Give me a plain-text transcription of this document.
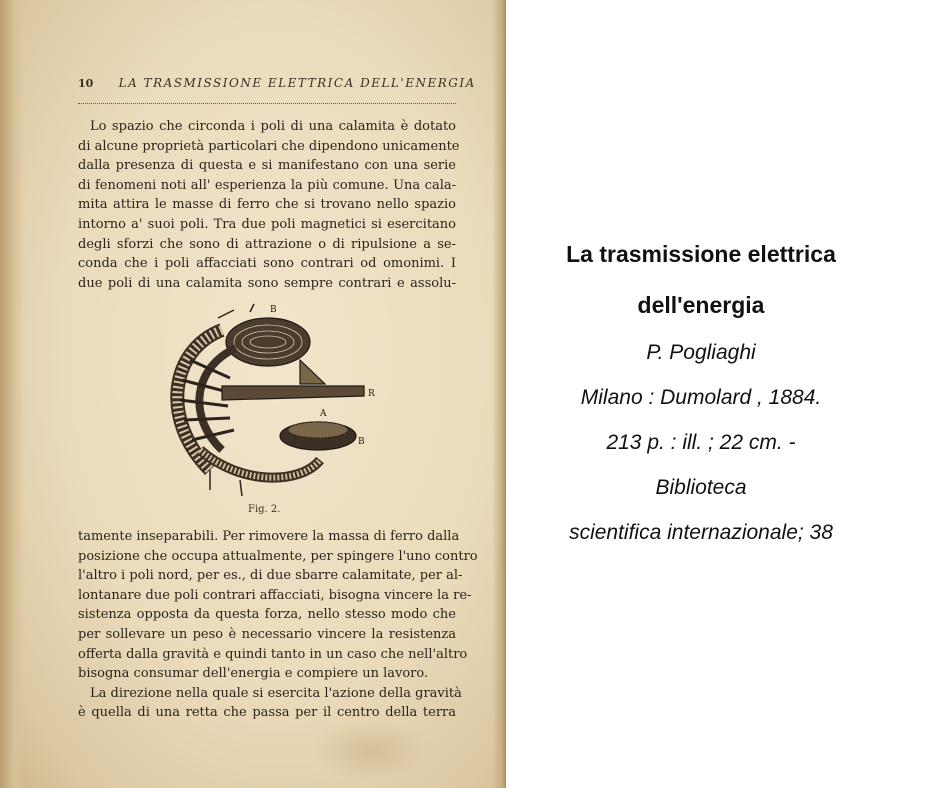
10 LA TRASMISSIONE ELETTRICA DELL'ENERGIA
Lo spazio che circonda i poli di una calamita è dotato
di alcune proprietà particolari che dipendono unicamente
dalla presenza di questa e si manifestano con una serie
di fenomeni noti all' esperienza la più comune. Una cala-
mita attira le masse di ferro che si trovano nello spazio
intorno a' suoi poli. Tra due poli magnetici si esercitano
degli sforzi che sono di attrazione o di ripulsione a se-
conda che i poli affacciati sono contrari od omonimi. I
due poli di una calamita sono sempre contrari e assolu-
B
R
A
B
Fig. 2.
tamente inseparabili. Per rimovere la massa di ferro dalla
posizione che occupa attualmente, per spingere l'uno contro
l'altro i poli nord, per es., di due sbarre calamitate, per al-
lontanare due poli contrari affacciati, bisogna vincere la re-
sistenza opposta da questa forza, nello stesso modo che
per sollevare un peso è necessario vincere la resistenza
offerta dalla gravità e quindi tanto in un caso che nell'altro
bisogna consumar dell'energia e compiere un lavoro.
La direzione nella quale si esercita l'azione della gravità
è quella di una retta che passa per il centro della terra
La trasmissione elettrica
dell'energia
P. Pogliaghi
Milano : Dumolard , 1884.
213 p. : ill. ; 22 cm. -
Biblioteca
scientifica internazionale; 38
